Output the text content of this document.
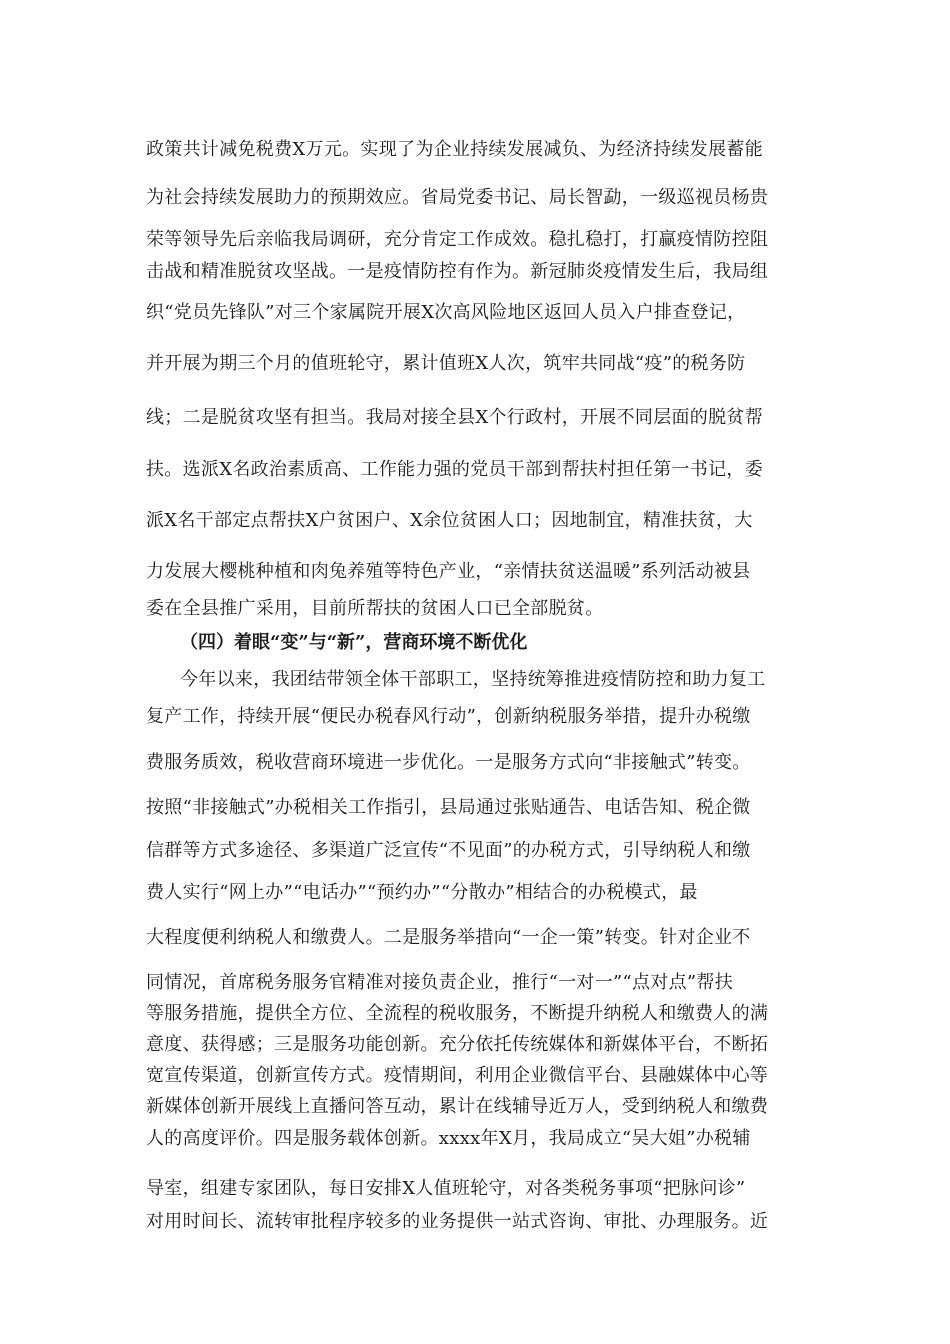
政策共计减免税费X万元。实现了为企业持续发展减负、为经济持续发展蓄能
为社会持续发展助力的预期效应。省局党委书记、局长智勐，一级巡视员杨贵
荣等领导先后亲临我局调研，充分肯定工作成效。稳扎稳打，打赢疫情防控阻
击战和精准脱贫攻坚战。一是疫情防控有作为。新冠肺炎疫情发生后，我局组
织“党员先锋队”对三个家属院开展X次高风险地区返回人员入户排查登记，
并开展为期三个月的值班轮守，累计值班X人次，筑牢共同战“疫”的税务防
线；二是脱贫攻坚有担当。我局对接全县X个行政村，开展不同层面的脱贫帮
扶。选派X名政治素质高、工作能力强的党员干部到帮扶村担任第一书记，委
派X名干部定点帮扶X户贫困户、X余位贫困人口；因地制宜，精准扶贫，大
力发展大樱桃种植和肉兔养殖等特色产业，“亲情扶贫送温暖”系列活动被县
委在全县推广采用，目前所帮扶的贫困人口已全部脱贫。
（四）着眼“变”与“新”，营商环境不断优化
今年以来，我团结带领全体干部职工，坚持统筹推进疫情防控和助力复工
复产工作，持续开展“便民办税春风行动”，创新纳税服务举措，提升办税缴
费服务质效，税收营商环境进一步优化。一是服务方式向“非接触式”转变。
按照“非接触式”办税相关工作指引，县局通过张贴通告、电话告知、税企微
信群等方式多途径、多渠道广泛宣传“不见面”的办税方式，引导纳税人和缴
费人实行“网上办”“电话办”“预约办”“分散办”相结合的办税模式，最
大程度便利纳税人和缴费人。二是服务举措向“一企一策”转变。针对企业不
同情况，首席税务服务官精准对接负责企业，推行“一对一”“点对点”帮扶
等服务措施，提供全方位、全流程的税收服务，不断提升纳税人和缴费人的满
意度、获得感；三是服务功能创新。充分依托传统媒体和新媒体平台，不断拓
宽宣传渠道，创新宣传方式。疫情期间，利用企业微信平台、县融媒体中心等
新媒体创新开展线上直播问答互动，累计在线辅导近万人，受到纳税人和缴费
人的高度评价。四是服务载体创新。xxxx年X月，我局成立“吴大姐”办税辅
导室，组建专家团队，每日安排X人值班轮守，对各类税务事项“把脉问诊”
对用时间长、流转审批程序较多的业务提供一站式咨询、审批、办理服务。近
